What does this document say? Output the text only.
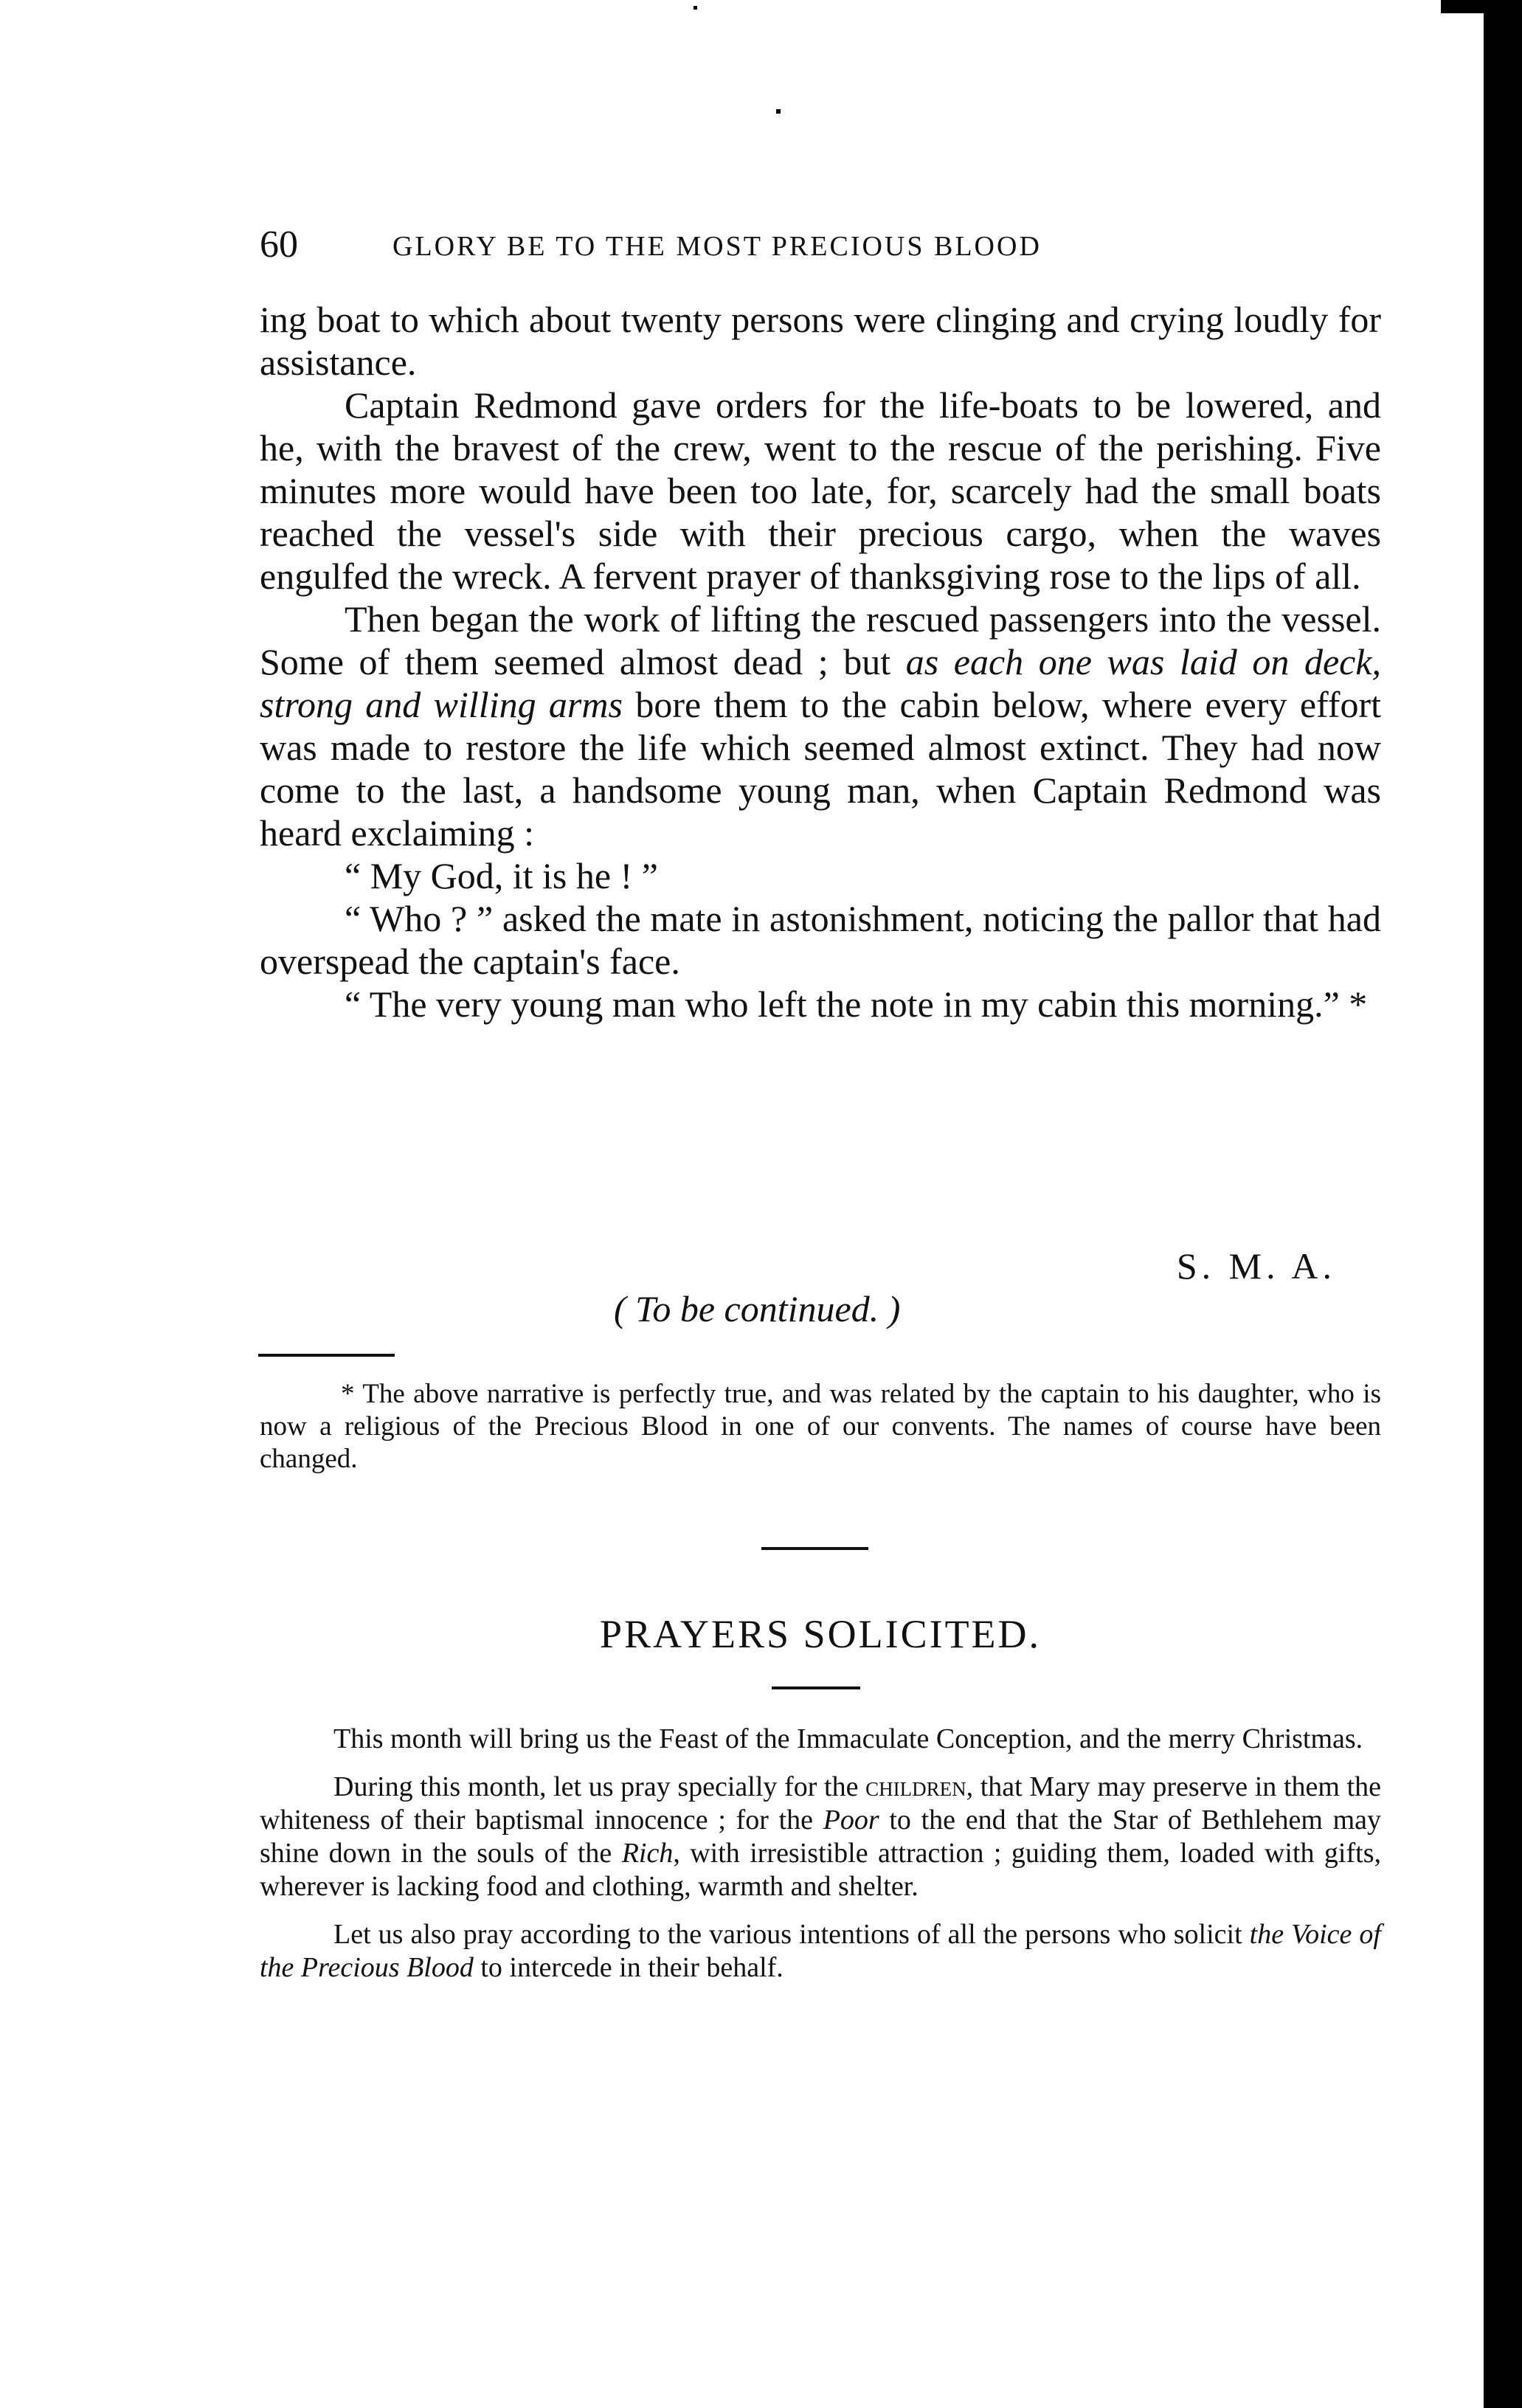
60	GLORY BE TO THE MOST PRECIOUS BLOOD

ing boat to which about twenty persons were clinging and crying loudly for assistance.

Captain Redmond gave orders for the life-boats to be lowered, and he, with the bravest of the crew, went to the rescue of the perishing. Five minutes more would have been too late, for, scarcely had the small boats reached the vessel's side with their precious cargo, when the waves engulfed the wreck. A fervent prayer of thanksgiving rose to the lips of all.

Then began the work of lifting the rescued passengers into the vessel. Some of them seemed almost dead ; but as each one was laid on deck, strong and willing arms bore them to the cabin below, where every effort was made to restore the life which seemed almost extinct. They had now come to the last, a handsome young man, when Captain Redmond was heard exclaiming :

“ My God, it is he ! ”

“ Who ? ” asked the mate in astonishment, noticing the pallor that had overspead the captain's face.

“ The very young man who left the note in my cabin this morning.” *

S. M. A.
( To be continued. )

* The above narrative is perfectly true, and was related by the captain to his daughter, who is now a religious of the Precious Blood in one of our convents. The names of course have been changed.

PRAYERS SOLICITED.

This month will bring us the Feast of the Immaculate Conception, and the merry Christmas.

During this month, let us pray specially for the children, that Mary may preserve in them the whiteness of their baptismal innocence ; for the Poor to the end that the Star of Bethlehem may shine down in the souls of the Rich, with irresistible attraction ; guiding them, loaded with gifts, wherever is lacking food and clothing, warmth and shelter.

Let us also pray according to the various intentions of all the persons who solicit the Voice of the Precious Blood to intercede in their behalf.
